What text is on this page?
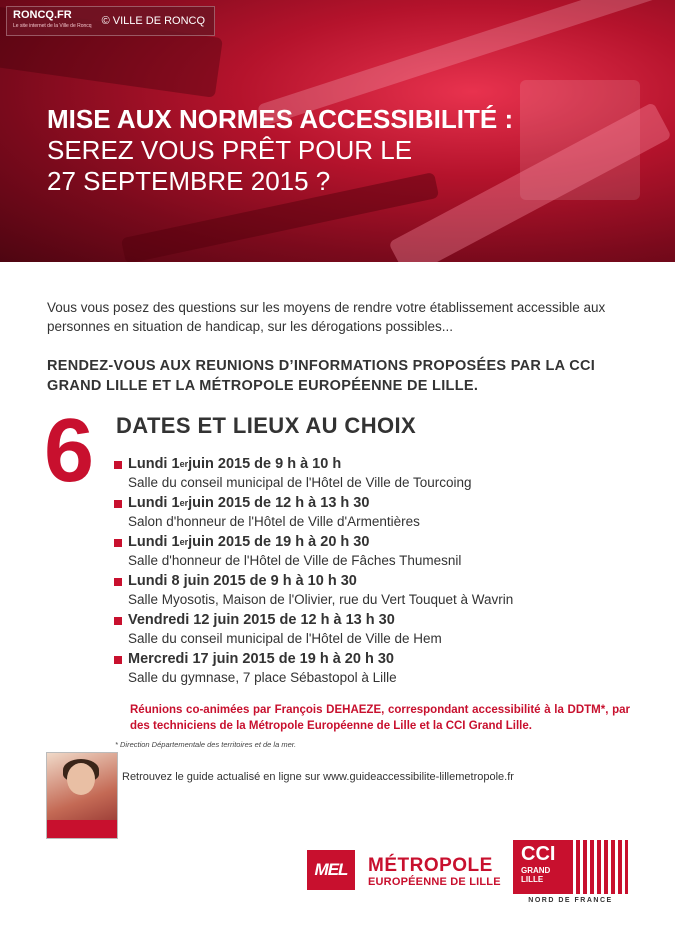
RONCQ.FR
Le site internet de la Ville de Roncq © VILLE DE RONCQ
MISE AUX NORMES ACCESSIBILITÉ :
SEREZ VOUS PRÊT POUR LE
27 SEPTEMBRE 2015 ?

Vous vous posez des questions sur les moyens de rendre votre établissement accessible aux personnes en situation de handicap, sur les dérogations possibles...

RENDEZ-VOUS AUX REUNIONS D’INFORMATIONS PROPOSÉES PAR LA CCI GRAND LILLE ET LA MÉTROPOLE EUROPÉENNE DE LILLE.

6 DATES ET LIEUX AU CHOIX
Lundi 1 er juin 2015 de 9 h à 10 h
Salle du conseil municipal de l'Hôtel de Ville de Tourcoing
Lundi 1 er juin 2015 de 12 h à 13 h 30
Salon d'honneur de l'Hôtel de Ville d'Armentières
Lundi 1 er juin 2015 de 19 h à 20 h 30
Salle d'honneur de l'Hôtel de Ville de Fâches Thumesnil
Lundi 8 juin 2015 de 9 h à 10 h 30
Salle Myosotis, Maison de l'Olivier, rue du Vert Touquet à Wavrin
Vendredi 12 juin 2015 de 12 h à 13 h 30
Salle du conseil municipal de l'Hôtel de Ville de Hem
Mercredi 17 juin 2015 de 19 h à 20 h 30
Salle du gymnase, 7 place Sébastopol à Lille
Réunions co-animées par François DEHAEZE, correspondant accessibilité à la DDTM*, par des techniciens de la Métropole Européenne de Lille et la CCI Grand Lille.
* Direction Départementale des territoires et de la mer.
Retrouvez le guide actualisé en ligne sur www.guideaccessibilite-lillemetropole.fr
MEL	MÉTROPOLE
EUROPÉENNE DE LILLE
CCI
GRAND LILLE
NORD DE FRANCE
